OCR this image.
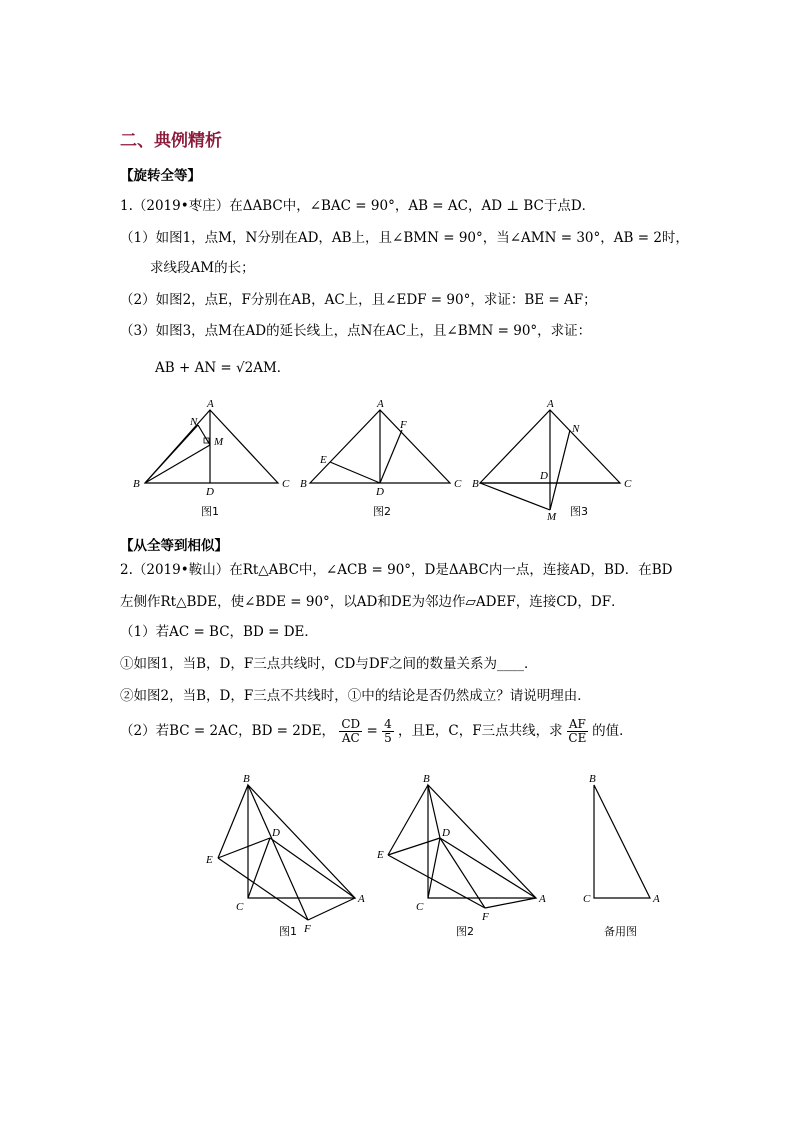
二、典例精析
【旋转全等】
1.（2019•枣庄）在ΔABC中，∠BAC = 90°，AB = AC，AD ⊥ BC于点D．
（1）如图1，点M，N分别在AD，AB上，且∠BMN = 90°，当∠AMN = 30°，AB = 2时，
求线段AM的长；
（2）如图2，点E，F分别在AB，AC上，且∠EDF = 90°，求证：BE = AF；
（3）如图3，点M在AD的延长线上，点N在AC上，且∠BMN = 90°，求证：
AB + AN = √2AM．
A
N
M
B
D
C
A
F
E
B
D
C
A
N
D
B	C
M
图1	图2	图3
【从全等到相似】
2.（2019•鞍山）在Rt△ABC中，∠ACB = 90°，D是ΔABC内一点，连接AD，BD．在BD
左侧作Rt△BDE，使∠BDE = 90°，以AD和DE为邻边作▱ADEF，连接CD，DF．
（1）若AC = BC，BD = DE．
①如图1，当B，D，F三点共线时，CD与DF之间的数量关系为____．
②如图2，当B，D，F三点不共线时，①中的结论是否仍然成立？请说明理由．
（2）若BC = 2AC，BD = 2DE， $\frac{CD}{AC} = \frac{4}{5}$ ，且E，C，F三点共线，求 $\frac{AF}{CE}$ 的值．
B
D
E
C
A
F
B
D
E
C
A
F
B
C	A
图1	图2	备用图
